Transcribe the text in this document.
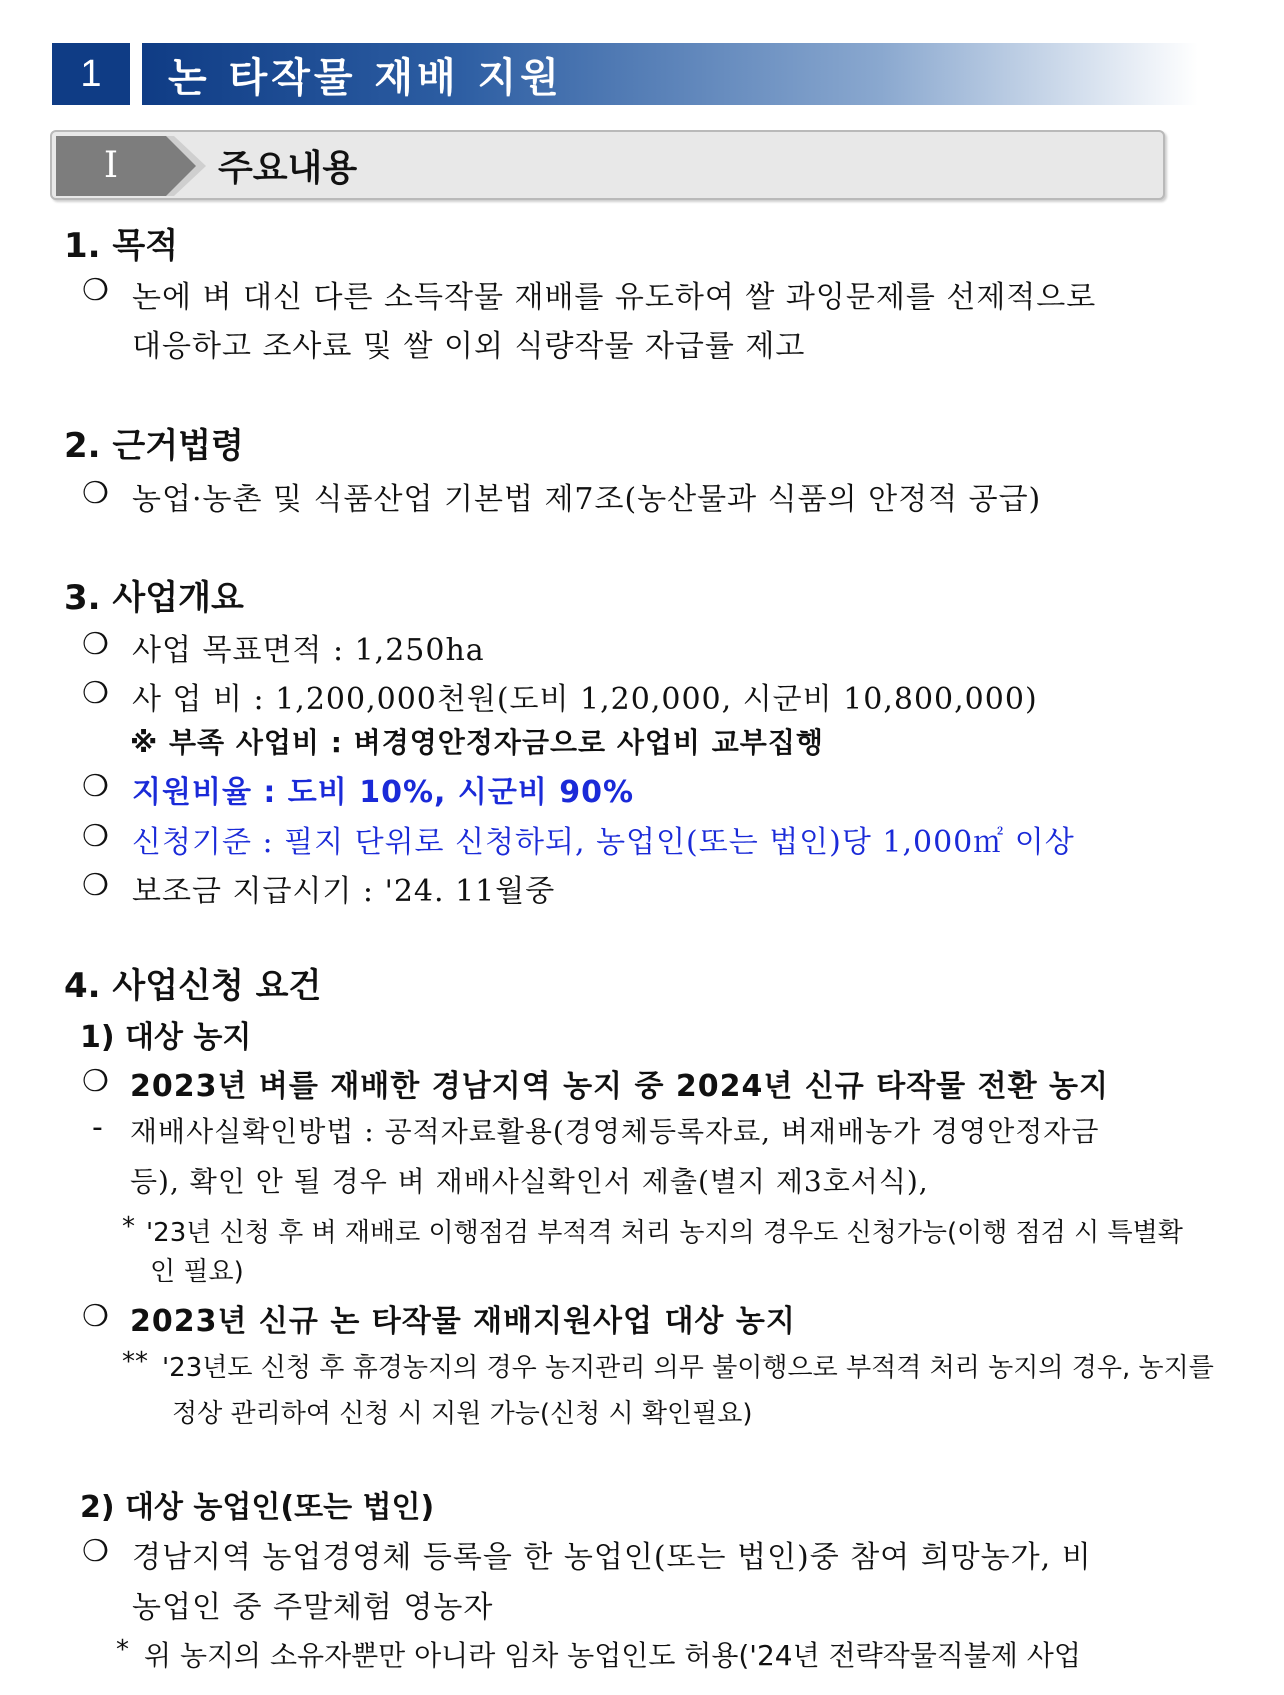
1	논 타작물 재배 지원
I	주요내용
1. 목적
❍ 논에 벼 대신 다른 소득작물 재배를 유도하여 쌀 과잉문제를 선제적으로
대응하고 조사료 및 쌀 이외 식량작물 자급률 제고
2. 근거법령
❍ 농업·농촌 및 식품산업 기본법 제7조(농산물과 식품의 안정적 공급)
3. 사업개요
❍ 사업 목표면적 : 1,250ha
❍ 사 업 비 : 1,200,000천원(도비 1,20,000, 시군비 10,800,000)
※ 부족 사업비 : 벼경영안정자금으로 사업비 교부집행
❍ 지원비율 : 도비 10%, 시군비 90%
❍ 신청기준 : 필지 단위로 신청하되, 농업인(또는 법인)당 1,000㎡ 이상
❍ 보조금 지급시기 : '24. 11월중
4. 사업신청 요건
1) 대상 농지
❍ 2023년 벼를 재배한 경남지역 농지 중 2024년 신규 타작물 전환 농지
- 재배사실확인방법 : 공적자료활용(경영체등록자료, 벼재배농가 경영안정자금
등), 확인 안 될 경우 벼 재배사실확인서 제출(별지 제3호서식),
* '23년 신청 후 벼 재배로 이행점검 부적격 처리 농지의 경우도 신청가능(이행 점검 시 특별확
인 필요)
❍ 2023년 신규 논 타작물 재배지원사업 대상 농지
** '23년도 신청 후 휴경농지의 경우 농지관리 의무 불이행으로 부적격 처리 농지의 경우, 농지를
정상 관리하여 신청 시 지원 가능(신청 시 확인필요)
2) 대상 농업인(또는 법인)
❍ 경남지역 농업경영체 등록을 한 농업인(또는 법인)중 참여 희망농가, 비
농업인 중 주말체험 영농자
* 위 농지의 소유자뿐만 아니라 임차 농업인도 허용('24년 전략작물직불제 사업
